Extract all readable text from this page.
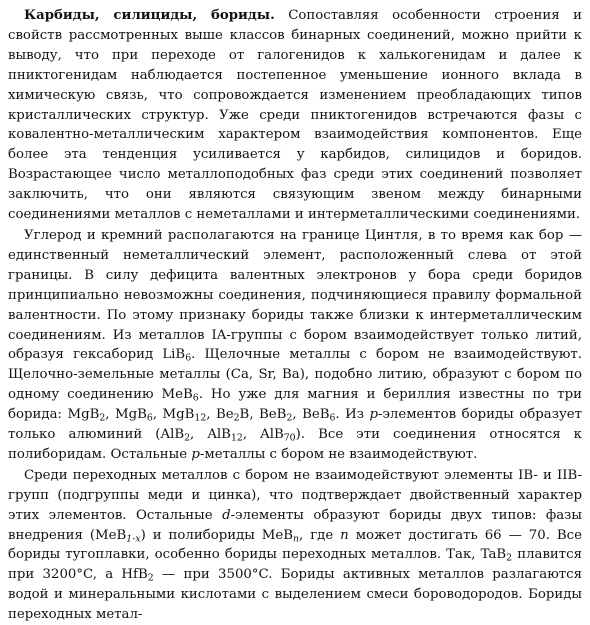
Карбиды, силициды, бориды. Сопоставляя особенности строения и свойств рассмотренных выше классов бинарных соединений, можно прийти к выводу, что при переходе от галогенидов к халькогенидам и далее к пниктогенидам наблюдается постепенное уменьшение ионного вклада в химическую связь, что сопровождается изменением преобладающих типов кристаллических структур. Уже среди пниктогенидов встречаются фазы с ковалентно-металлическим характером взаимодействия компонентов. Еще более эта тенденция усиливается у карбидов, силицидов и боридов. Возрастающее число металлоподобных фаз среди этих соединений позволяет заключить, что они являются связующим звеном между бинарными соединениями металлов с неметаллами и интерметаллическими соединениями.

Углерод и кремний располагаются на границе Цинтля, в то время как бор — единственный неметаллический элемент, расположенный слева от этой границы. В силу дефицита валентных электронов у бора среди боридов принципиально невозможны соединения, подчиняющиеся правилу формальной валентности. По этому признаку бориды также близки к интерметаллическим соединениям. Из металлов IA-группы с бором взаимодействует только литий, образуя гексаборид LiB$_6$. Щелочные металлы с бором не взаимодействуют. Щелочно-земельные металлы (Ca, Sr, Ba), подобно литию, образуют с бором по одному соединению MeB$_6$. Но уже для магния и бериллия известны по три борида: MgB$_2$, MgB$_6$, MgB$_{12}$, $Be_2B$, BeB$_2$, BeB$_6$. Из p-элементов бориды образует только алюминий (AlB$_2$, AlB$_{12}$, AlB$_{70}$). Все эти соединения относятся к полиборидам. Остальные p-металлы с бором не взаимодействуют.

Среди переходных металлов с бором не взаимодействуют элементы IB- и IIB-групп (подгруппы меди и цинка), что подтверждает двойственный характер этих элементов. Остальные d-элементы образуют бориды двух типов: фазы внедрения (MeB$_{1-x}$) и полибориды MeB$_n$, где n может достигать 66 — 70. Все бориды тугоплавки, особенно бориды переходных металлов. Так, TaB$_2$ плавится при 3200°C, а HfB$_2$ — при 3500°C. Бориды активных металлов разлагаются водой и минеральными кислотами с выделением смеси бороводородов. Бориды переходных метал-
